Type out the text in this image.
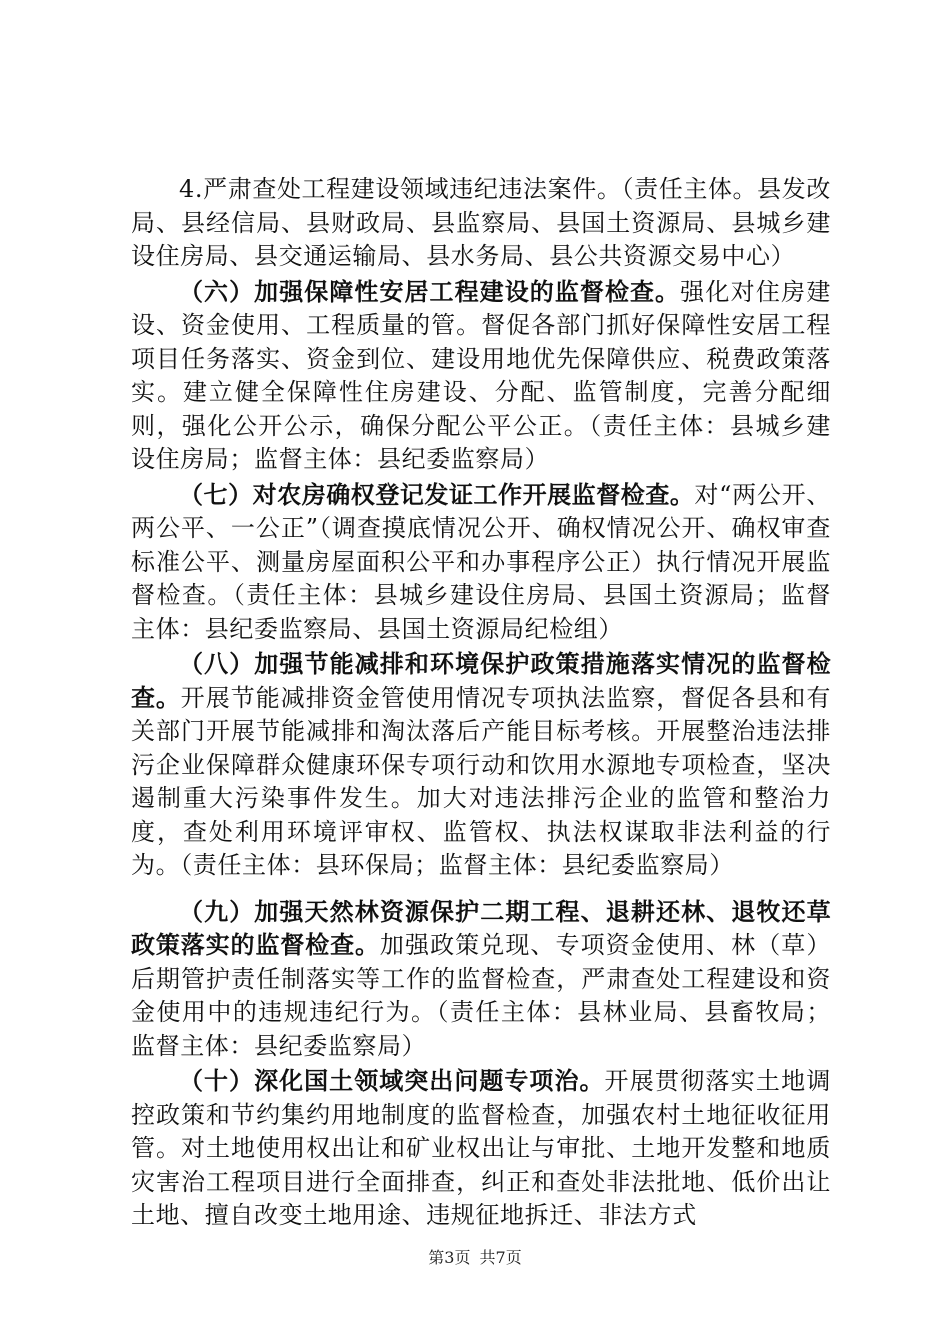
4.严肃查处工程建设领域违纪违法案件。（责任主体。县发改局、县经信局、县财政局、县监察局、县国土资源局、县城乡建设住房局、县交通运输局、县水务局、县公共资源交易中心）

（六）加强保障性安居工程建设的监督检查。强化对住房建设、资金使用、工程质量的管。督促各部门抓好保障性安居工程项目任务落实、资金到位、建设用地优先保障供应、税费政策落实。建立健全保障性住房建设、分配、监管制度，完善分配细则，强化公开公示，确保分配公平公正。（责任主体：县城乡建设住房局；监督主体：县纪委监察局）

（七）对农房确权登记发证工作开展监督检查。对“两公开、两公平、一公正”（调查摸底情况公开、确权情况公开、确权审查标准公平、测量房屋面积公平和办事程序公正）执行情况开展监督检查。（责任主体：县城乡建设住房局、县国土资源局；监督主体：县纪委监察局、县国土资源局纪检组）

（八）加强节能减排和环境保护政策措施落实情况的监督检查。开展节能减排资金管使用情况专项执法监察，督促各县和有关部门开展节能减排和淘汰落后产能目标考核。开展整治违法排污企业保障群众健康环保专项行动和饮用水源地专项检查，坚决遏制重大污染事件发生。加大对违法排污企业的监管和整治力度，查处利用环境评审权、监管权、执法权谋取非法利益的行为。（责任主体：县环保局；监督主体：县纪委监察局）

（九）加强天然林资源保护二期工程、退耕还林、退牧还草政策落实的监督检查。加强政策兑现、专项资金使用、林（草）后期管护责任制落实等工作的监督检查，严肃查处工程建设和资金使用中的违规违纪行为。（责任主体：县林业局、县畜牧局；监督主体：县纪委监察局）

（十）深化国土领域突出问题专项治。开展贯彻落实土地调控政策和节约集约用地制度的监督检查，加强农村土地征收征用管。对土地使用权出让和矿业权出让与审批、土地开发整和地质灾害治工程项目进行全面排查，纠正和查处非法批地、低价出让土地、擅自改变土地用途、违规征地拆迁、非法方式

第3页 共7页
